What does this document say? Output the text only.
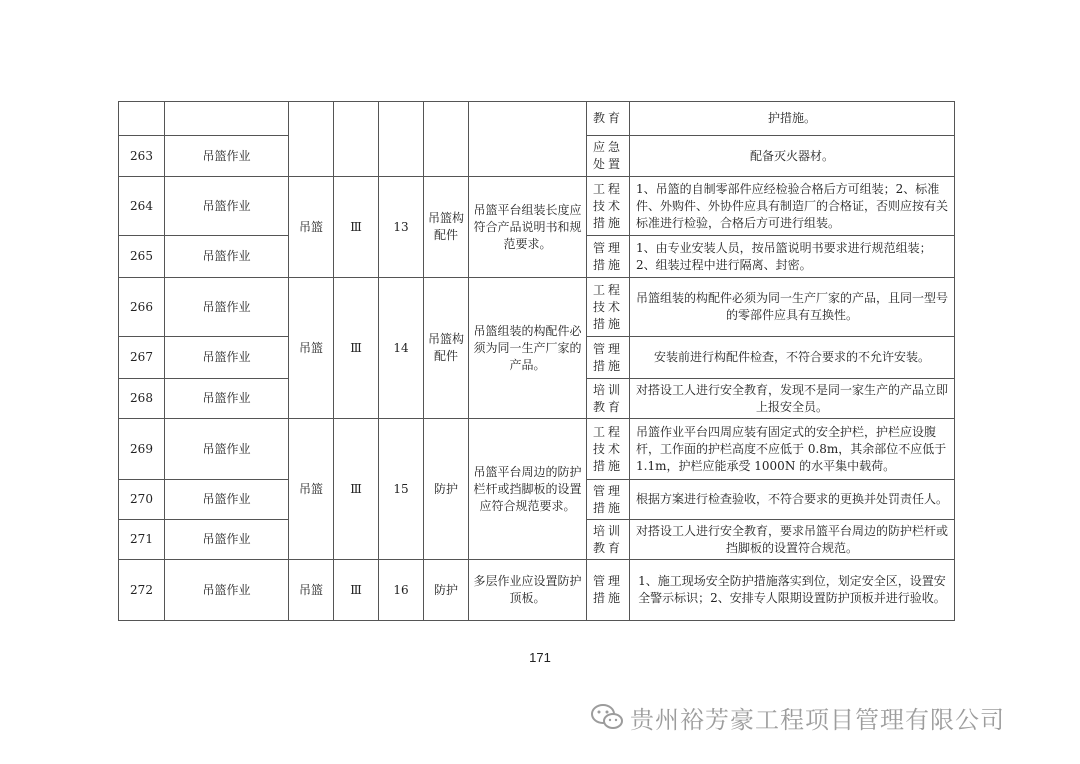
							教育	护措施。
263	吊篮作业						应急处置	配备灭火器材。
264	吊篮作业	吊篮	Ⅲ	13	吊篮构配件	吊篮平台组装长度应符合产品说明书和规范要求。	工程技术措施	1、吊篮的自制零部件应经检验合格后方可组装；2、标准件、外购件、外协件应具有制造厂的合格证，否则应按有关标准进行检验，合格后方可进行组装。
265	吊篮作业						管理措施	1、由专业安装人员，按吊篮说明书要求进行规范组装；2、组装过程中进行隔离、封密。
266	吊篮作业	吊篮	Ⅲ	14	吊篮构配件	吊篮组装的构配件必须为同一生产厂家的产品。	工程技术措施	吊篮组装的构配件必须为同一生产厂家的产品，且同一型号的零部件应具有互换性。
267	吊篮作业						管理措施	安装前进行构配件检查，不符合要求的不允许安装。
268	吊篮作业						培训教育	对搭设工人进行安全教育，发现不是同一家生产的产品立即上报安全员。
269	吊篮作业	吊篮	Ⅲ	15	防护	吊篮平台周边的防护栏杆或挡脚板的设置应符合规范要求。	工程技术措施	吊篮作业平台四周应装有固定式的安全护栏，护栏应设腹杆，工作面的护栏高度不应低于 0.8m，其余部位不应低于 1.1m，护栏应能承受 1000N 的水平集中载荷。
270	吊篮作业						管理措施	根据方案进行检查验收，不符合要求的更换并处罚责任人。
271	吊篮作业						培训教育	对搭设工人进行安全教育，要求吊篮平台周边的防护栏杆或挡脚板的设置符合规范。
272	吊篮作业	吊篮	Ⅲ	16	防护	多层作业应设置防护顶板。	管理措施	1、施工现场安全防护措施落实到位，划定安全区，设置安全警示标识；2、安排专人限期设置防护顶板并进行验收。
171
贵州裕芳豪工程项目管理有限公司
